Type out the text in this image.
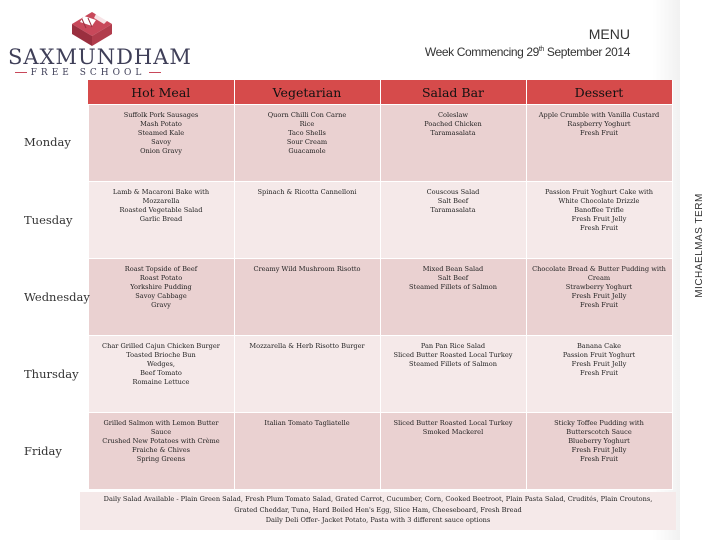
SAXMUNDHAM
FREE SCHOOL
MENU
Week Commencing 29th September 2014
MICHAELMAS TERM
	Hot Meal	Vegetarian	Salad Bar	Dessert
Monday	Suffolk Pork Sausages
Mash Potato
Steamed Kale
Savoy
Onion Gravy	Quorn Chilli Con Carne
Rice
Taco Shells
Sour Cream
Guacamole	Coleslaw
Poached Chicken
Taramasalata	Apple Crumble with Vanilla Custard
Raspberry Yoghurt
Fresh Fruit

Tuesday	Lamb & Macaroni Bake with
Mozzarella
Roasted Vegetable Salad
Garlic Bread	Spinach & Ricotta Cannelloni	Couscous Salad
Salt Beef
Taramasalata	Passion Fruit Yoghurt Cake with
White Chocolate Drizzle
Banoffee Trifle
Fresh Fruit Jelly
Fresh Fruit

Wednesday	Roast Topside of Beef
Roast Potato
Yorkshire Pudding
Savoy Cabbage
Gravy	Creamy Wild Mushroom Risotto	Mixed Bean Salad
Salt Beef
Steamed Fillets of Salmon	Chocolate Bread & Butter Pudding with
Cream
Strawberry Yoghurt
Fresh Fruit Jelly
Fresh Fruit

Thursday	Char Grilled Cajun Chicken Burger
Toasted Brioche Bun
Wedges,
Beef Tomato
Romaine Lettuce	Mozzarella & Herb Risotto Burger	Pan Pan Rice Salad
Sliced Butter Roasted Local Turkey
Steamed Fillets of Salmon	Banana Cake
Passion Fruit Yoghurt
Fresh Fruit Jelly
Fresh Fruit

Friday	Grilled Salmon with Lemon Butter
Sauce
Crushed New Potatoes with Crème
Fraiche & Chives
Spring Greens	Italian Tomato Tagliatelle	Sliced Butter Roasted Local Turkey
Smoked Mackerel	Sticky Toffee Pudding with
Butterscotch Sauce
Blueberry Yoghurt
Fresh Fruit Jelly
Fresh Fruit
Daily Salad Available - Plain Green Salad, Fresh Plum Tomato Salad, Grated Carrot, Cucumber, Corn, Cooked Beetroot, Plain Pasta Salad, Crudités, Plain Croutons,
Grated Cheddar, Tuna, Hard Boiled Hen's Egg, Slice Ham, Cheeseboard, Fresh Bread
Daily Deli Offer- Jacket Potato, Pasta with 3 different sauce options
